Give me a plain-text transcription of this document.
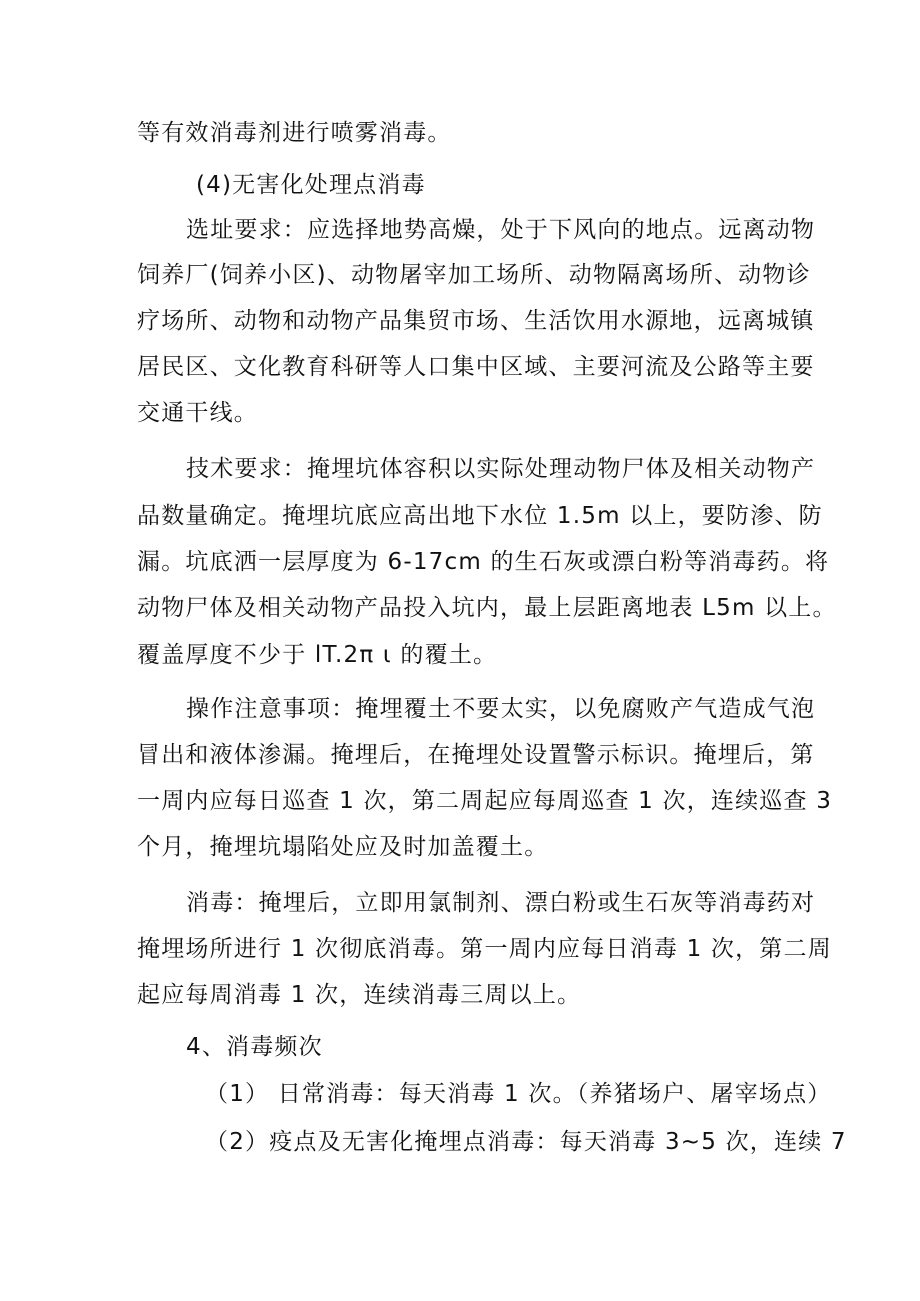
等有效消毒剂进行喷雾消毒。
(4)无害化处理点消毒
选址要求：应选择地势高燥，处于下风向的地点。远离动物
饲养厂(饲养小区)、动物屠宰加工场所、动物隔离场所、动物诊
疗场所、动物和动物产品集贸市场、生活饮用水源地，远离城镇
居民区、文化教育科研等人口集中区域、主要河流及公路等主要
交通干线。
技术要求：掩埋坑体容积以实际处理动物尸体及相关动物产
品数量确定。掩埋坑底应高出地下水位 1.5m 以上，要防渗、防
漏。坑底洒一层厚度为 6-17cm 的生石灰或漂白粉等消毒药。将
动物尸体及相关动物产品投入坑内，最上层距离地表 L5m 以上。
覆盖厚度不少于 lT.2π ι 的覆土。
操作注意事项：掩埋覆土不要太实，以免腐败产气造成气泡
冒出和液体渗漏。掩埋后，在掩埋处设置警示标识。掩埋后，第
一周内应每日巡查 1 次，第二周起应每周巡查 1 次，连续巡查 3
个月，掩埋坑塌陷处应及时加盖覆土。
消毒：掩埋后，立即用氯制剂、漂白粉或生石灰等消毒药对
掩埋场所进行 1 次彻底消毒。第一周内应每日消毒 1 次，第二周
起应每周消毒 1 次，连续消毒三周以上。
4、消毒频次
（1） 日常消毒：每天消毒 1 次。（养猪场户、屠宰场点）
（2）疫点及无害化掩埋点消毒：每天消毒 3~5 次，连续 7
